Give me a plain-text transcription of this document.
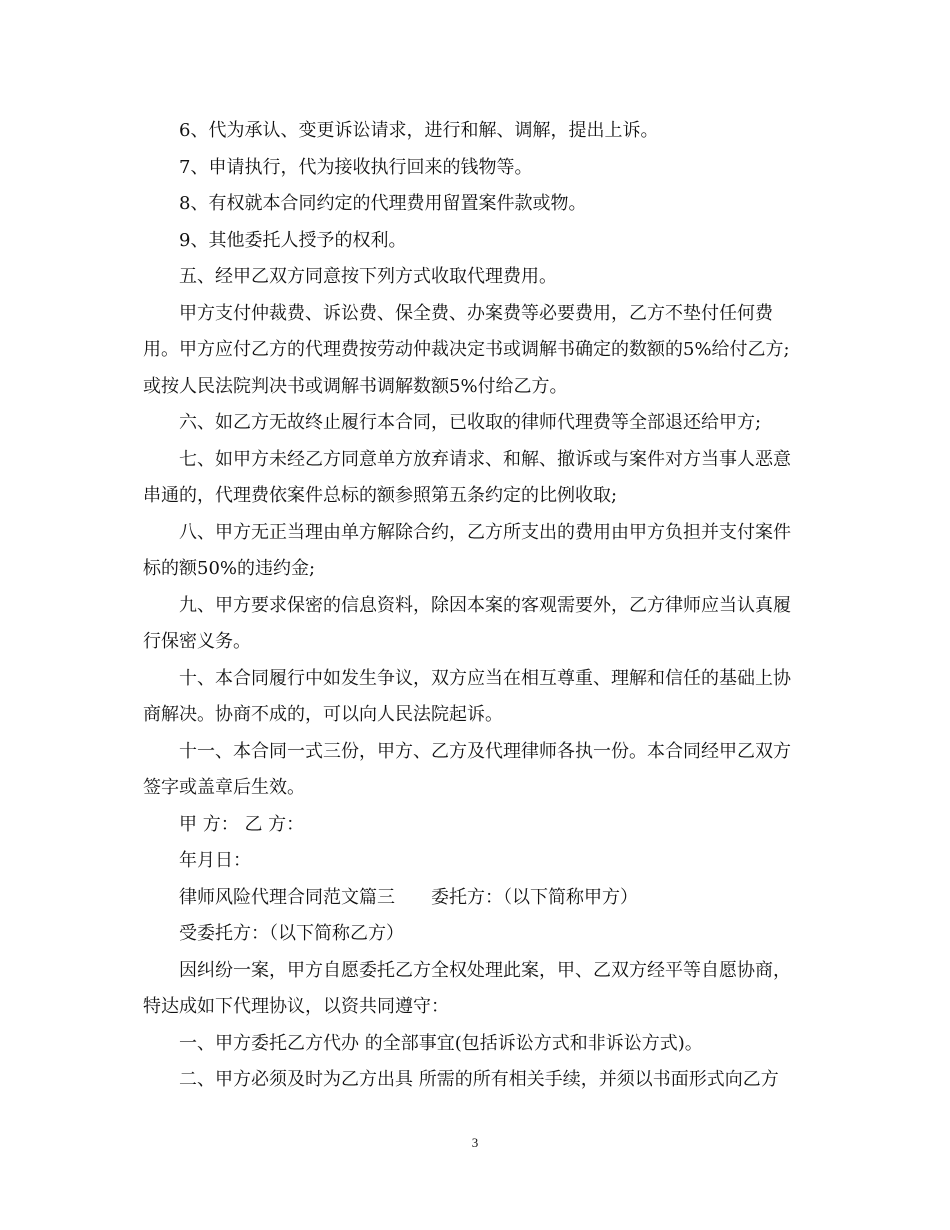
6、代为承认、变更诉讼请求，进行和解、调解，提出上诉。

7、申请执行，代为接收执行回来的钱物等。

8、有权就本合同约定的代理费用留置案件款或物。

9、其他委托人授予的权利。

五、经甲乙双方同意按下列方式收取代理费用。

甲方支付仲裁费、诉讼费、保全费、办案费等必要费用，乙方不垫付任何费用。甲方应付乙方的代理费按劳动仲裁决定书或调解书确定的数额的5%给付乙方;或按人民法院判决书或调解书调解数额5%付给乙方。

六、如乙方无故终止履行本合同，已收取的律师代理费等全部退还给甲方;

七、如甲方未经乙方同意单方放弃请求、和解、撤诉或与案件对方当事人恶意串通的，代理费依案件总标的额参照第五条约定的比例收取;

八、甲方无正当理由单方解除合约，乙方所支出的费用由甲方负担并支付案件标的额50%的违约金;

九、甲方要求保密的信息资料，除因本案的客观需要外，乙方律师应当认真履行保密义务。

十、本合同履行中如发生争议，双方应当在相互尊重、理解和信任的基础上协商解决。协商不成的，可以向人民法院起诉。

十一、本合同一式三份，甲方、乙方及代理律师各执一份。本合同经甲乙双方签字或盖章后生效。

甲 方： 乙 方：

年月日：

律师风险代理合同范文篇三　　委托方：（以下简称甲方）

受委托方：（以下简称乙方）

因纠纷一案，甲方自愿委托乙方全权处理此案，甲、乙双方经平等自愿协商，特达成如下代理协议，以资共同遵守：

一、甲方委托乙方代办 的全部事宜(包括诉讼方式和非诉讼方式)。

二、甲方必须及时为乙方出具 所需的所有相关手续，并须以书面形式向乙方

3
